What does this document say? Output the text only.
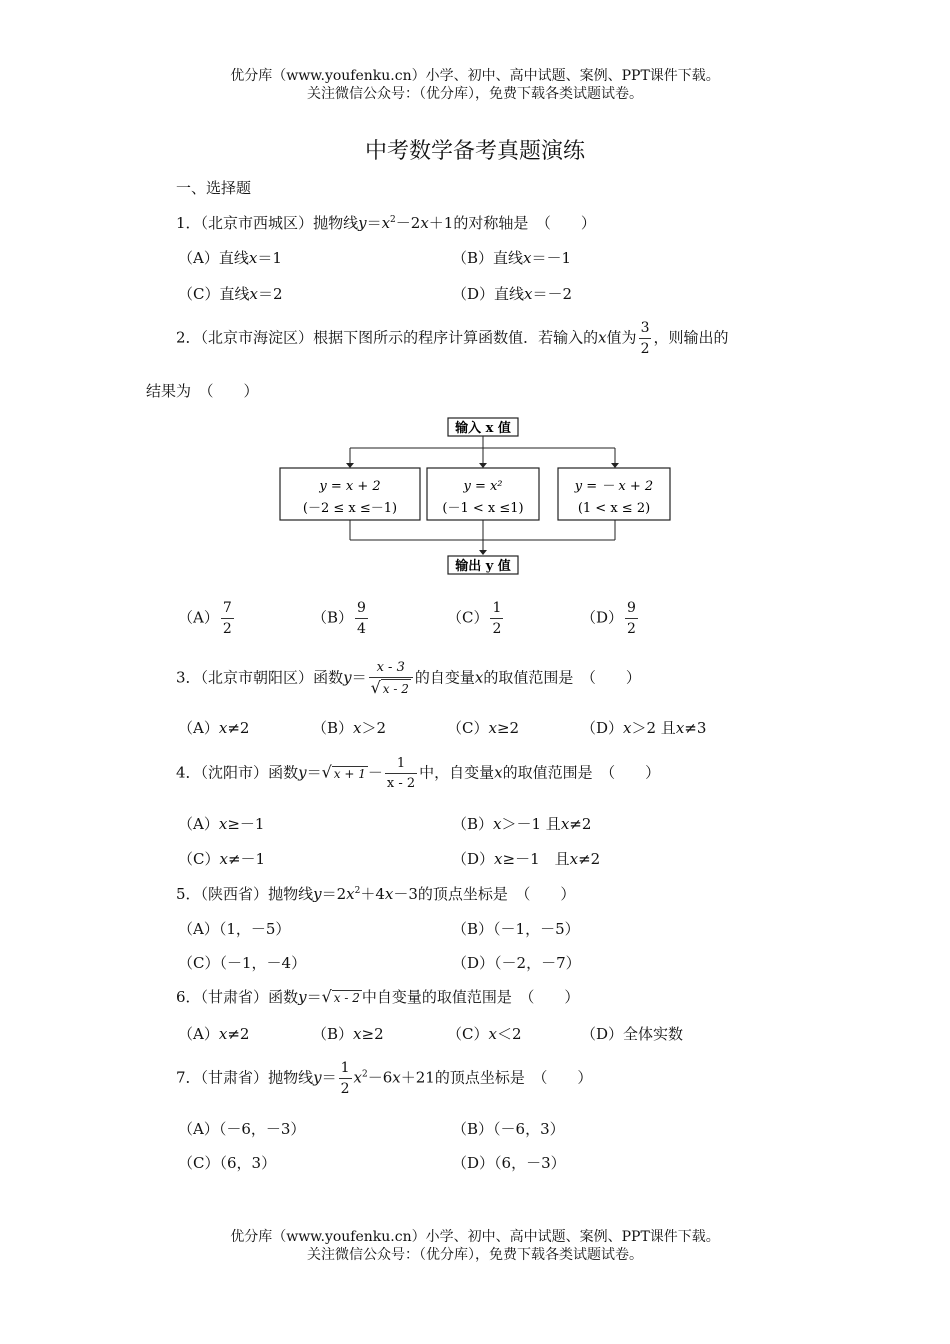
优分库（www.youfenku.cn）小学、初中、高中试题、案例、PPT课件下载。
关注微信公众号：（优分库），免费下载各类试题试卷。
中考数学备考真题演练
一、选择题
1．（北京市西城区）抛物线$y=x^2-2x+1$的对称轴是　 （　　）
（A）直线x＝1	（B）直线x＝－1
（C）直线x＝2	（D）直线x＝－2
2．（北京市海淀区）根据下图所示的程序计算函数值．若输入的x值为 $\frac{3}{2}$ ，则输出的
结果为　 （　　）
输入 x 值
y = x + 2
(－2 ≤ x ≤－1)
y = x²
(－1 < x ≤1)
y = － x + 2
(1 < x ≤ 2)
输出 y 值
$(A) \frac{7}{2}$	$(B) \frac{9}{4}$	$(C) \frac{1}{2}$	$(D) \frac{9}{2}$
3．（北京市朝阳区）函数$y= \frac{x - 3}{√ x - 2}$ 的自变量x的取值范围是　 （　　）
（A）x≠2	（B）x＞2	（C）x≥2	（D）x＞2 且x≠3
4．（沈阳市）函数y＝√ $x + 1 - \frac{1}{x - 2}$ 中，自变量x的取值范围是　 （　　）
（A）x≥－1	（B）x＞－1 且x≠2
（C）x≠－1	（D）x≥－1　且x≠2
5．（陕西省）抛物线$y=2x^2+4x-3$的顶点坐标是　 （　　）
（A）（1，－5）	（B）（－1，－5）
（C）（－1，－4）	（D）（－2，－7）
6．（甘肃省）函数y＝√ x - 2 中自变量的取值范围是　 （　　）
（A）x≠2	（B）x≥2	（C）x＜2	（D）全体实数
7．（甘肃省）抛物线$y= \frac{1}{2} x^2-6x+21$的顶点坐标是　 （　　）
（A）（－6，－3）	（B）（－6，3）
（C）（6，3）	（D）（6，－3）
优分库（www.youfenku.cn）小学、初中、高中试题、案例、PPT课件下载。
关注微信公众号：（优分库），免费下载各类试题试卷。
